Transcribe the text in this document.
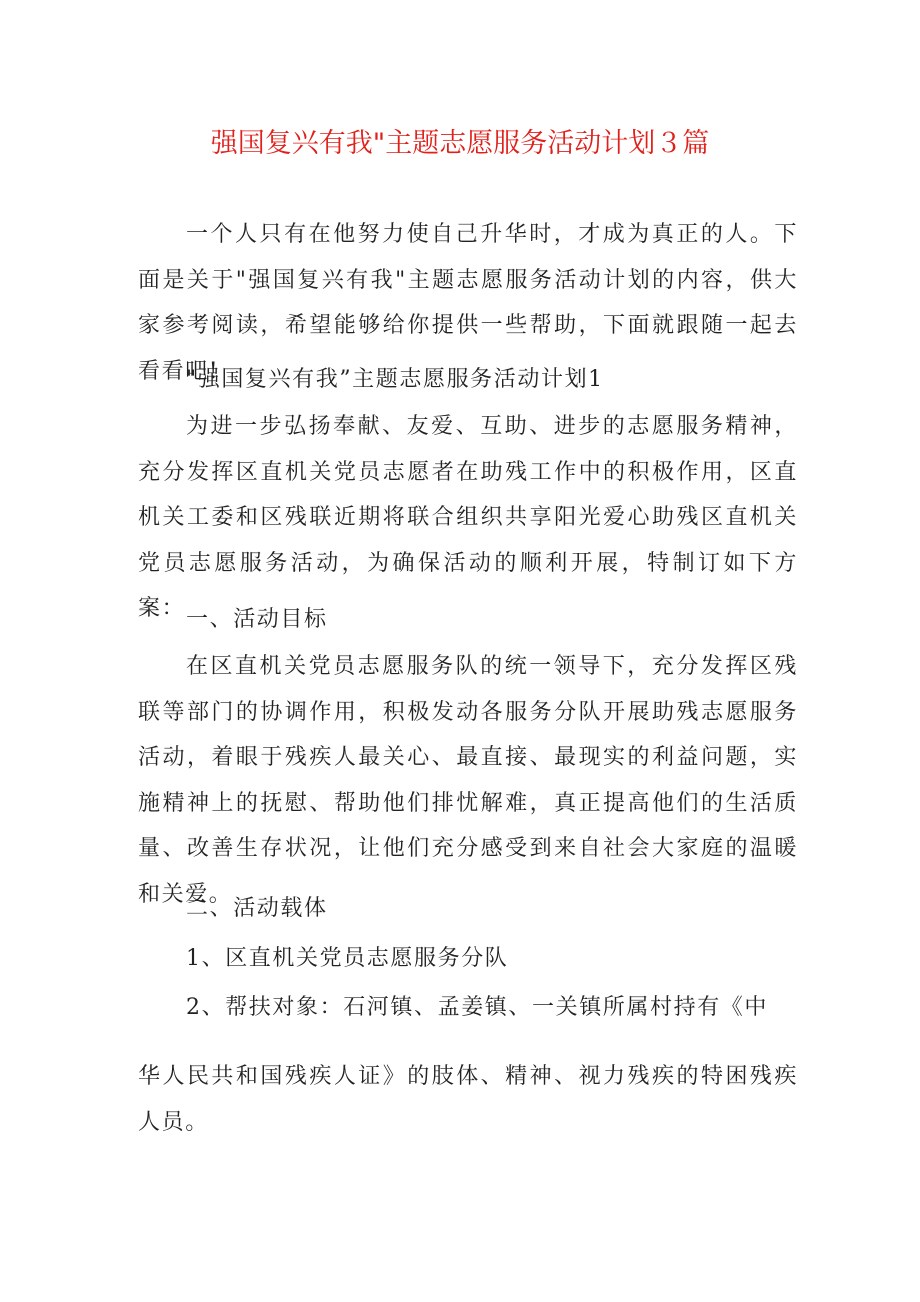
强国复兴有我"主题志愿服务活动计划３篇

一个人只有在他努力使自己升华时，才成为真正的人。下面是关于"强国复兴有我"主题志愿服务活动计划的内容，供大家参考阅读，希望能够给你提供一些帮助，下面就跟随一起去看看吧!

"强国复兴有我”主题志愿服务活动计划1

为进一步弘扬奉献、友爱、互助、进步的志愿服务精神，充分发挥区直机关党员志愿者在助残工作中的积极作用，区直机关工委和区残联近期将联合组织共享阳光爱心助残区直机关党员志愿服务活动，为确保活动的顺利开展，特制订如下方案： 一、活动目标

在区直机关党员志愿服务队的统一领导下，充分发挥区残联等部门的协调作用，积极发动各服务分队开展助残志愿服务活动，着眼于残疾人最关心、最直接、最现实的利益问题，实施精神上的抚慰、帮助他们排忧解难，真正提高他们的生活质量、改善生存状况，让他们充分感受到来自社会大家庭的温暖和关爱。

二、活动载体

1、区直机关党员志愿服务分队

2、帮扶对象：石河镇、孟姜镇、一关镇所属村持有《中

华人民共和国残疾人证》的肢体、精神、视力残疾的特困残疾人员。
